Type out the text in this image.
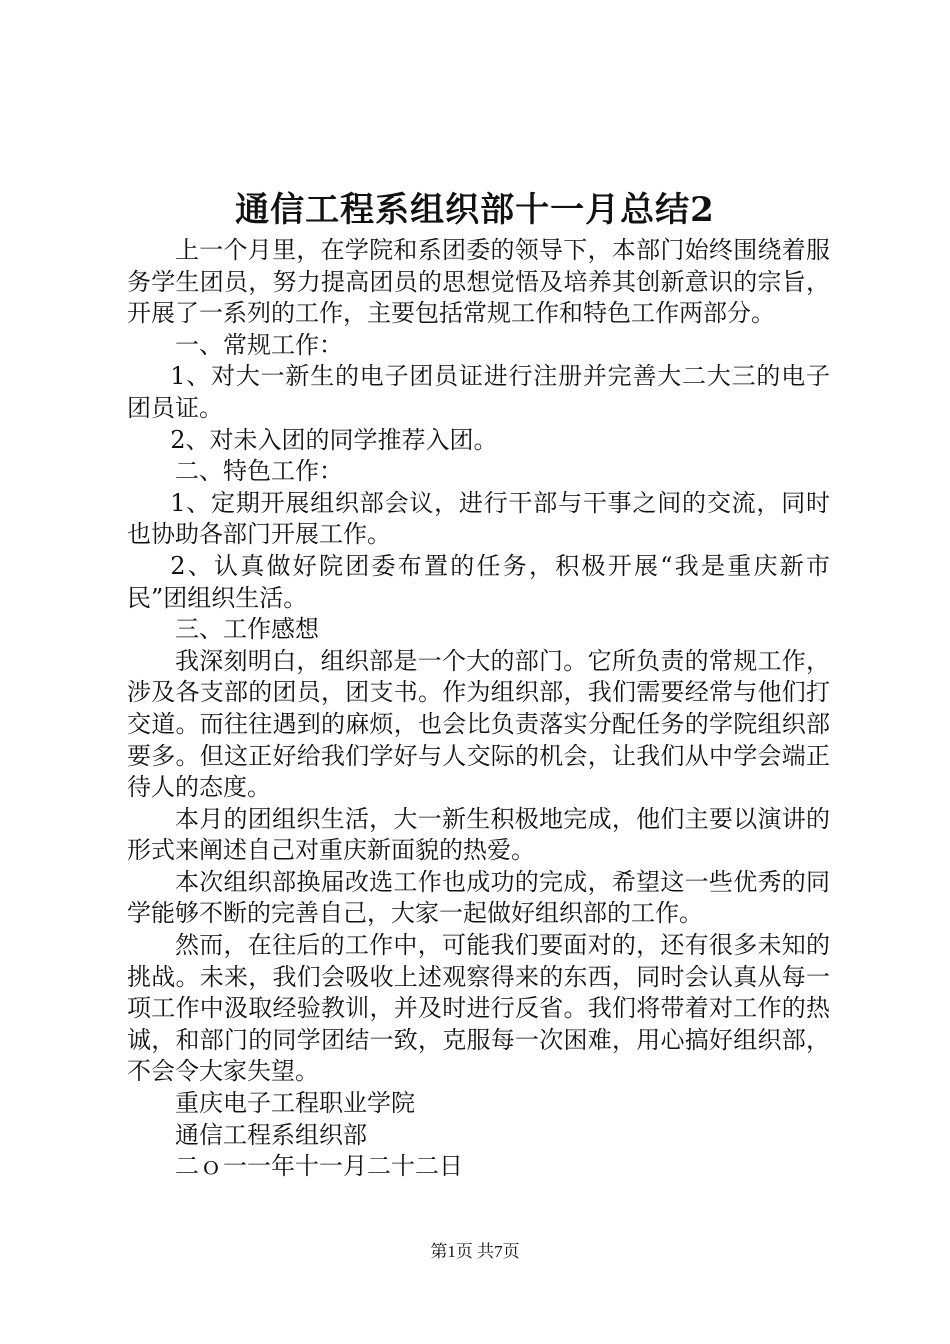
通信工程系组织部十一月总结2

上一个月里，在学院和系团委的领导下，本部门始终围绕着服务学生团员，努力提高团员的思想觉悟及培养其创新意识的宗旨，开展了一系列的工作，主要包括常规工作和特色工作两部分。

一、常规工作：

1、对大一新生的电子团员证进行注册并完善大二大三的电子团员证。

2、对未入团的同学推荐入团。

二、特色工作：

1、定期开展组织部会议，进行干部与干事之间的交流，同时也协助各部门开展工作。

2、认真做好院团委布置的任务，积极开展“我是重庆新市民”团组织生活。

三、工作感想

我深刻明白，组织部是一个大的部门。它所负责的常规工作，涉及各支部的团员，团支书。作为组织部，我们需要经常与他们打交道。而往往遇到的麻烦，也会比负责落实分配任务的学院组织部要多。但这正好给我们学好与人交际的机会，让我们从中学会端正待人的态度。

本月的团组织生活，大一新生积极地完成，他们主要以演讲的形式来阐述自己对重庆新面貌的热爱。

本次组织部换届改选工作也成功的完成，希望这一些优秀的同学能够不断的完善自己，大家一起做好组织部的工作。

然而，在往后的工作中，可能我们要面对的，还有很多未知的挑战。未来，我们会吸收上述观察得来的东西，同时会认真从每一项工作中汲取经验教训，并及时进行反省。我们将带着对工作的热诚，和部门的同学团结一致，克服每一次困难，用心搞好组织部，不会令大家失望。

重庆电子工程职业学院

通信工程系组织部

二ｏ一一年十一月二十二日

第1页 共7页
